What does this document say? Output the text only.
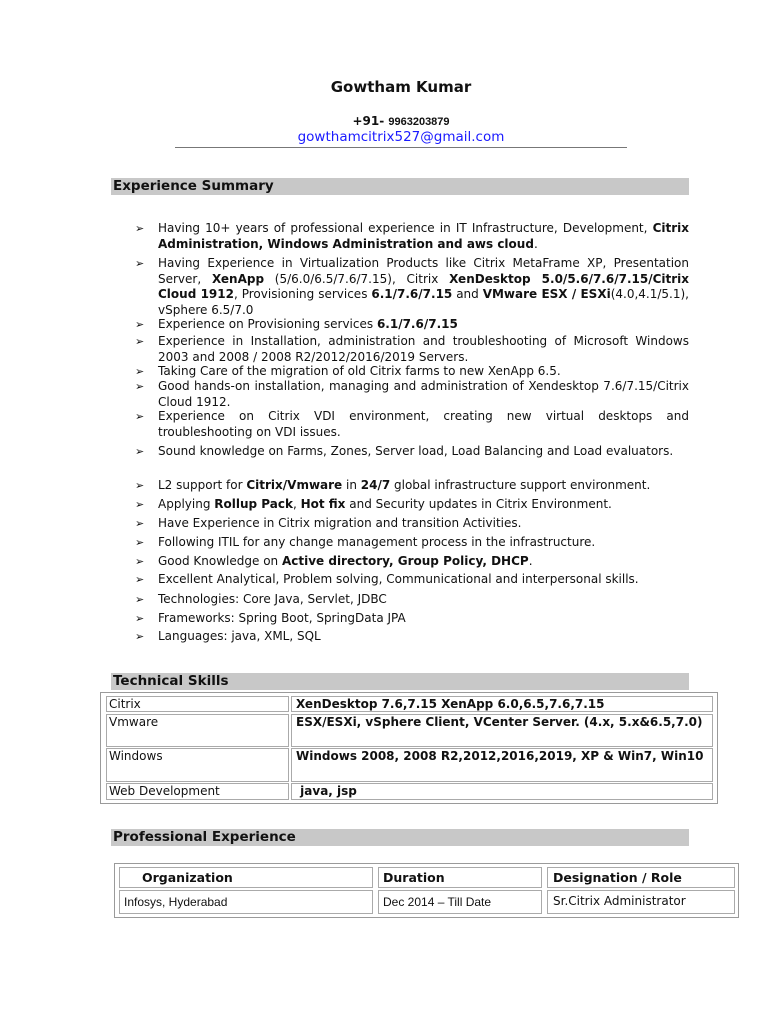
Gowtham Kumar
+91- 9963203879
gowthamcitrix527@gmail.com
Experience Summary
➢ Having 10+ years of professional experience in IT Infrastructure, Development, Citrix Administration, Windows Administration and aws cloud.
➢ Having Experience in Virtualization Products like Citrix MetaFrame XP, Presentation Server, XenApp (5/6.0/6.5/7.6/7.15), Citrix XenDesktop 5.0/5.6/7.6/7.15/Citrix Cloud 1912, Provisioning services 6.1/7.6/7.15 and VMware ESX / ESXi(4.0,4.1/5.1), vSphere 6.5/7.0
➢ Experience on Provisioning services 6.1/7.6/7.15
➢ Experience in Installation, administration and troubleshooting of Microsoft Windows 2003 and 2008 / 2008 R2/2012/2016/2019 Servers.
➢ Taking Care of the migration of old Citrix farms to new XenApp 6.5.
➢ Good hands-on installation, managing and administration of Xendesktop 7.6/7.15/Citrix Cloud 1912.
➢ Experience on Citrix VDI environment, creating new virtual desktops and troubleshooting on VDI issues.
➢ Sound knowledge on Farms, Zones, Server load, Load Balancing and Load evaluators.
➢ L2 support for Citrix/Vmware in 24/7 global infrastructure support environment.
➢ Applying Rollup Pack, Hot fix and Security updates in Citrix Environment.
➢ Have Experience in Citrix migration and transition Activities.
➢ Following ITIL for any change management process in the infrastructure.
➢ Good Knowledge on Active directory, Group Policy, DHCP.
➢ Excellent Analytical, Problem solving, Communicational and interpersonal skills.
➢ Technologies: Core Java, Servlet, JDBC
➢ Frameworks: Spring Boot, SpringData JPA
➢ Languages: java, XML, SQL
Technical Skills
Citrix	XenDesktop 7.6,7.15 XenApp 6.0,6.5,7.6,7.15
Vmware	ESX/ESXi, vSphere Client, VCenter Server. (4.x, 5.x&6.5,7.0)
Windows	Windows 2008, 2008 R2,2012,2016,2019, XP & Win7, Win10
Web Development	java, jsp
Professional Experience
Organization	Duration	Designation / Role
Infosys, Hyderabad	Dec 2014 – Till Date	Sr.Citrix Administrator
